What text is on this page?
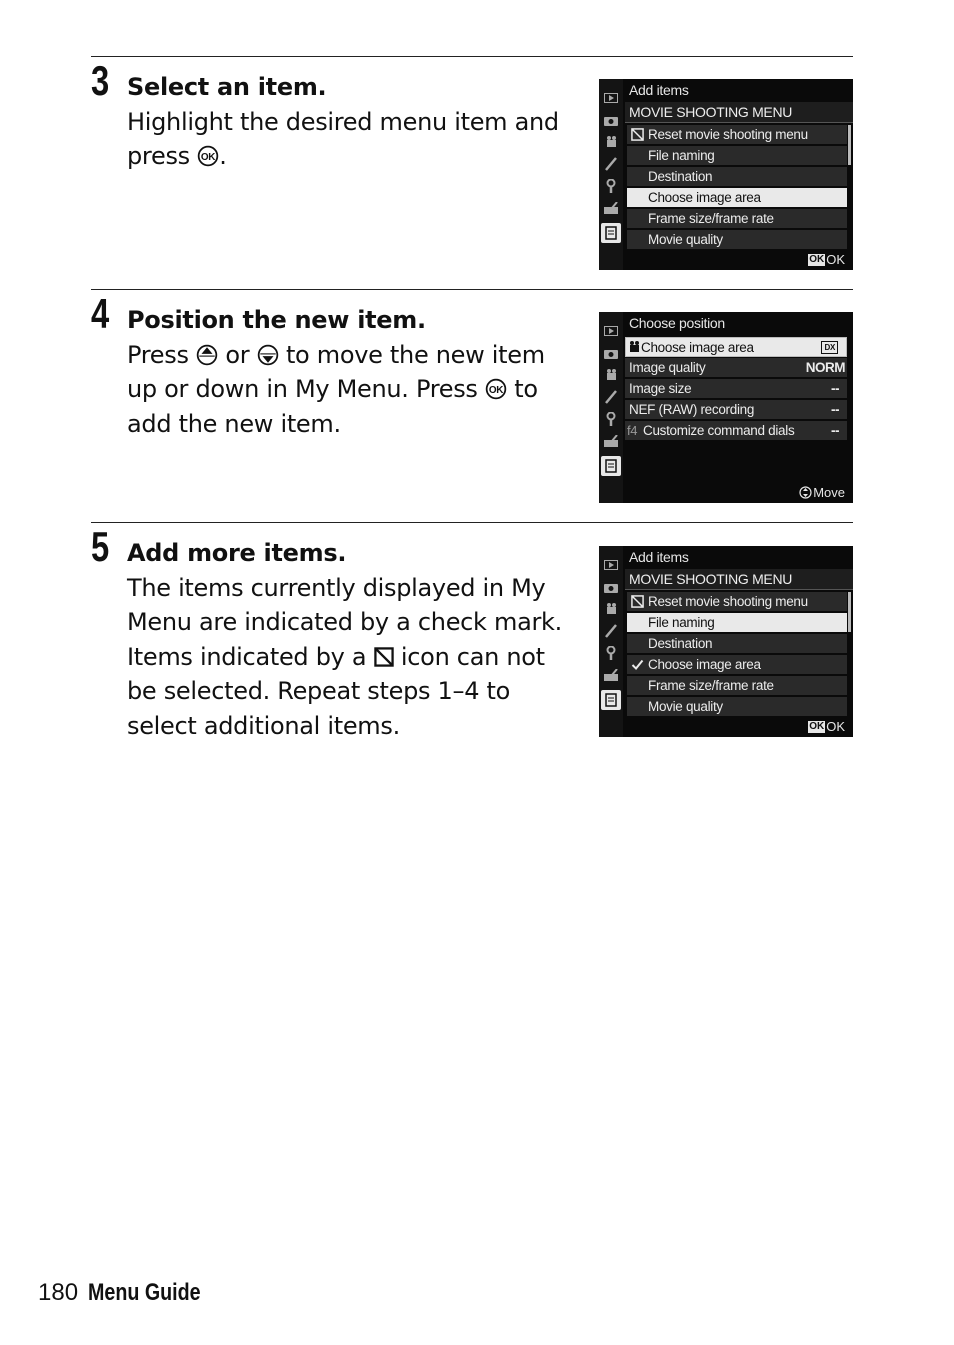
3 Select an item.
Highlight the desired menu item and press .
Add items
MOVIE SHOOTING MENU
Reset movie shooting menu
File naming
Destination
Choose image area
Frame size/frame rate
Movie quality
OK OK
4 Position the new item.
Press  or  to move the new item up or down in My Menu. Press  to add the new item.
Choose position
Choose image area	DX
Image quality	NORM
Image size	--
NEF (RAW) recording	--
f4 Customize command dials	--
Move
5 Add more items.
The items currently displayed in My Menu are indicated by a check mark. Items indicated by a  icon can not be selected. Repeat steps 1–4 to select additional items.
Add items
MOVIE SHOOTING MENU
Reset movie shooting menu
File naming
Destination
Choose image area
Frame size/frame rate
Movie quality
OK OK
180 Menu Guide
